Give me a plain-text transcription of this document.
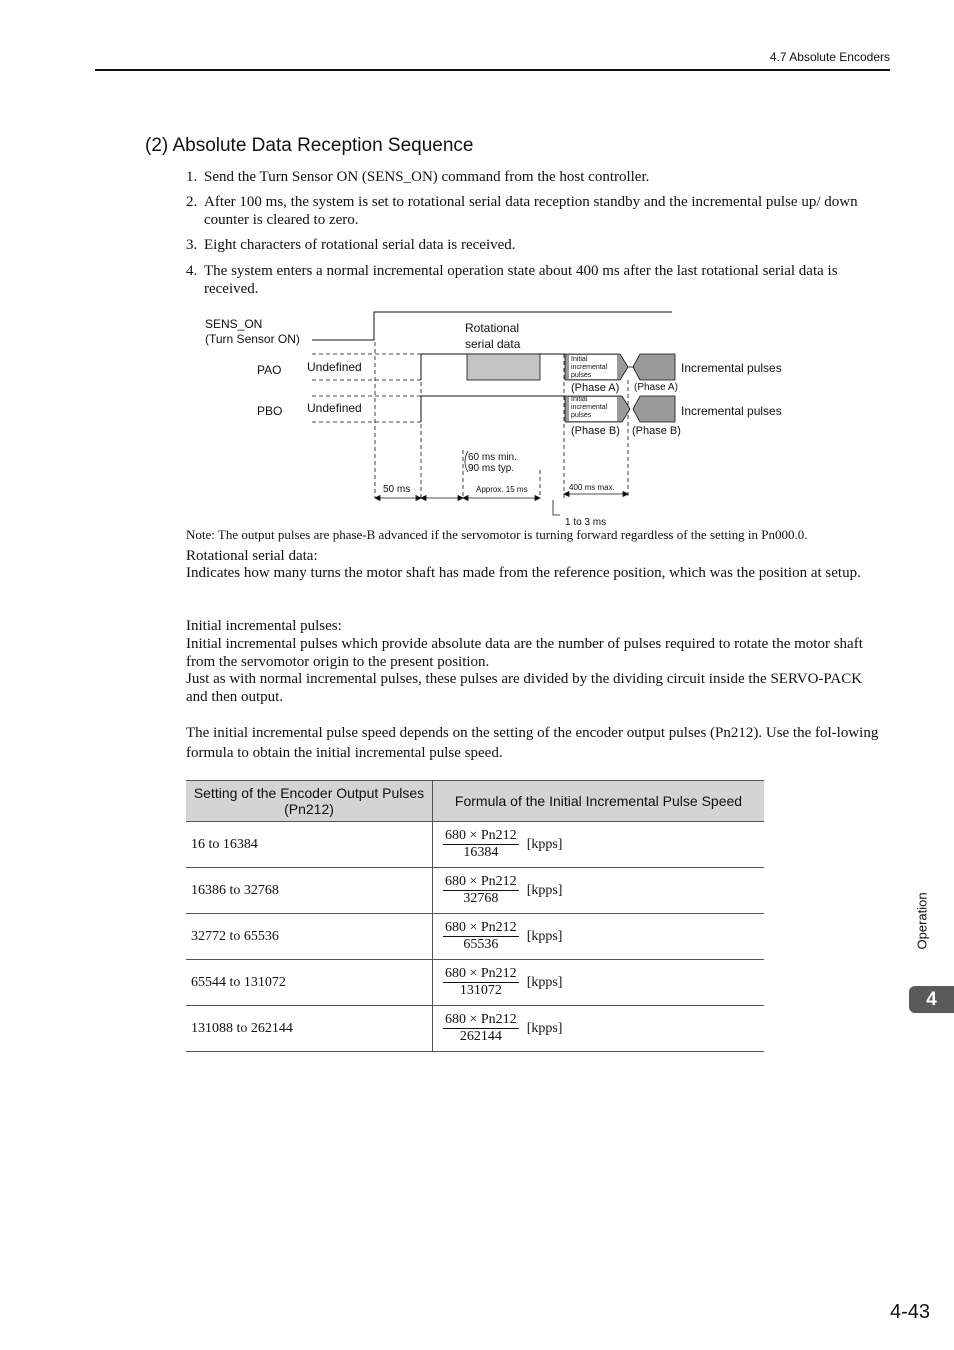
4.7 Absolute Encoders
(2) Absolute Data Reception Sequence
1. Send the Turn Sensor ON (SENS_ON) command from the host controller.
2. After 100 ms, the system is set to rotational serial data reception standby and the incremental pulse up/ down counter is cleared to zero.
3. Eight characters of rotational serial data is received.
4. The system enters a normal incremental operation state about 400 ms after the last rotational serial data is received.
SENS_ON
(Turn Sensor ON)
PAO Undefined
PBO Undefined
Rotational
serial data
Initial
incremental
pulses
Initial
incremental
pulses
(Phase A) (Phase A)
(Phase B) (Phase B)
Incremental pulses
Incremental pulses
60 ms min.
90 ms typ.
50 ms	Approx. 15 ms	400 ms max.
1 to 3 ms
Note: The output pulses are phase-B advanced if the servomotor is turning forward regardless of the setting in Pn000.0.
Rotational serial data:
Indicates how many turns the motor shaft has made from the reference position, which was the position at setup.
Initial incremental pulses:
Initial incremental pulses which provide absolute data are the number of pulses required to rotate the motor shaft from the servomotor origin to the present position.
Just as with normal incremental pulses, these pulses are divided by the dividing circuit inside the SERVO-PACK and then output.
The initial incremental pulse speed depends on the setting of the encoder output pulses (Pn212). Use the fol-lowing formula to obtain the initial incremental pulse speed.
Setting of the Encoder Output Pulses (Pn212)	Formula of the Initial Incremental Pulse Speed
16 to 16384	$\frac{680 \times Pn212}{16384}$ [kpps]
16386 to 32768	$\frac{680 \times Pn212}{32768}$ [kpps]
32772 to 65536	$\frac{680 \times Pn212}{65536}$ [kpps]
65544 to 131072	$\frac{680 \times Pn212}{131072}$ [kpps]
131088 to 262144	$\frac{680 \times Pn212}{262144}$ [kpps]
Operation
4
4-43
